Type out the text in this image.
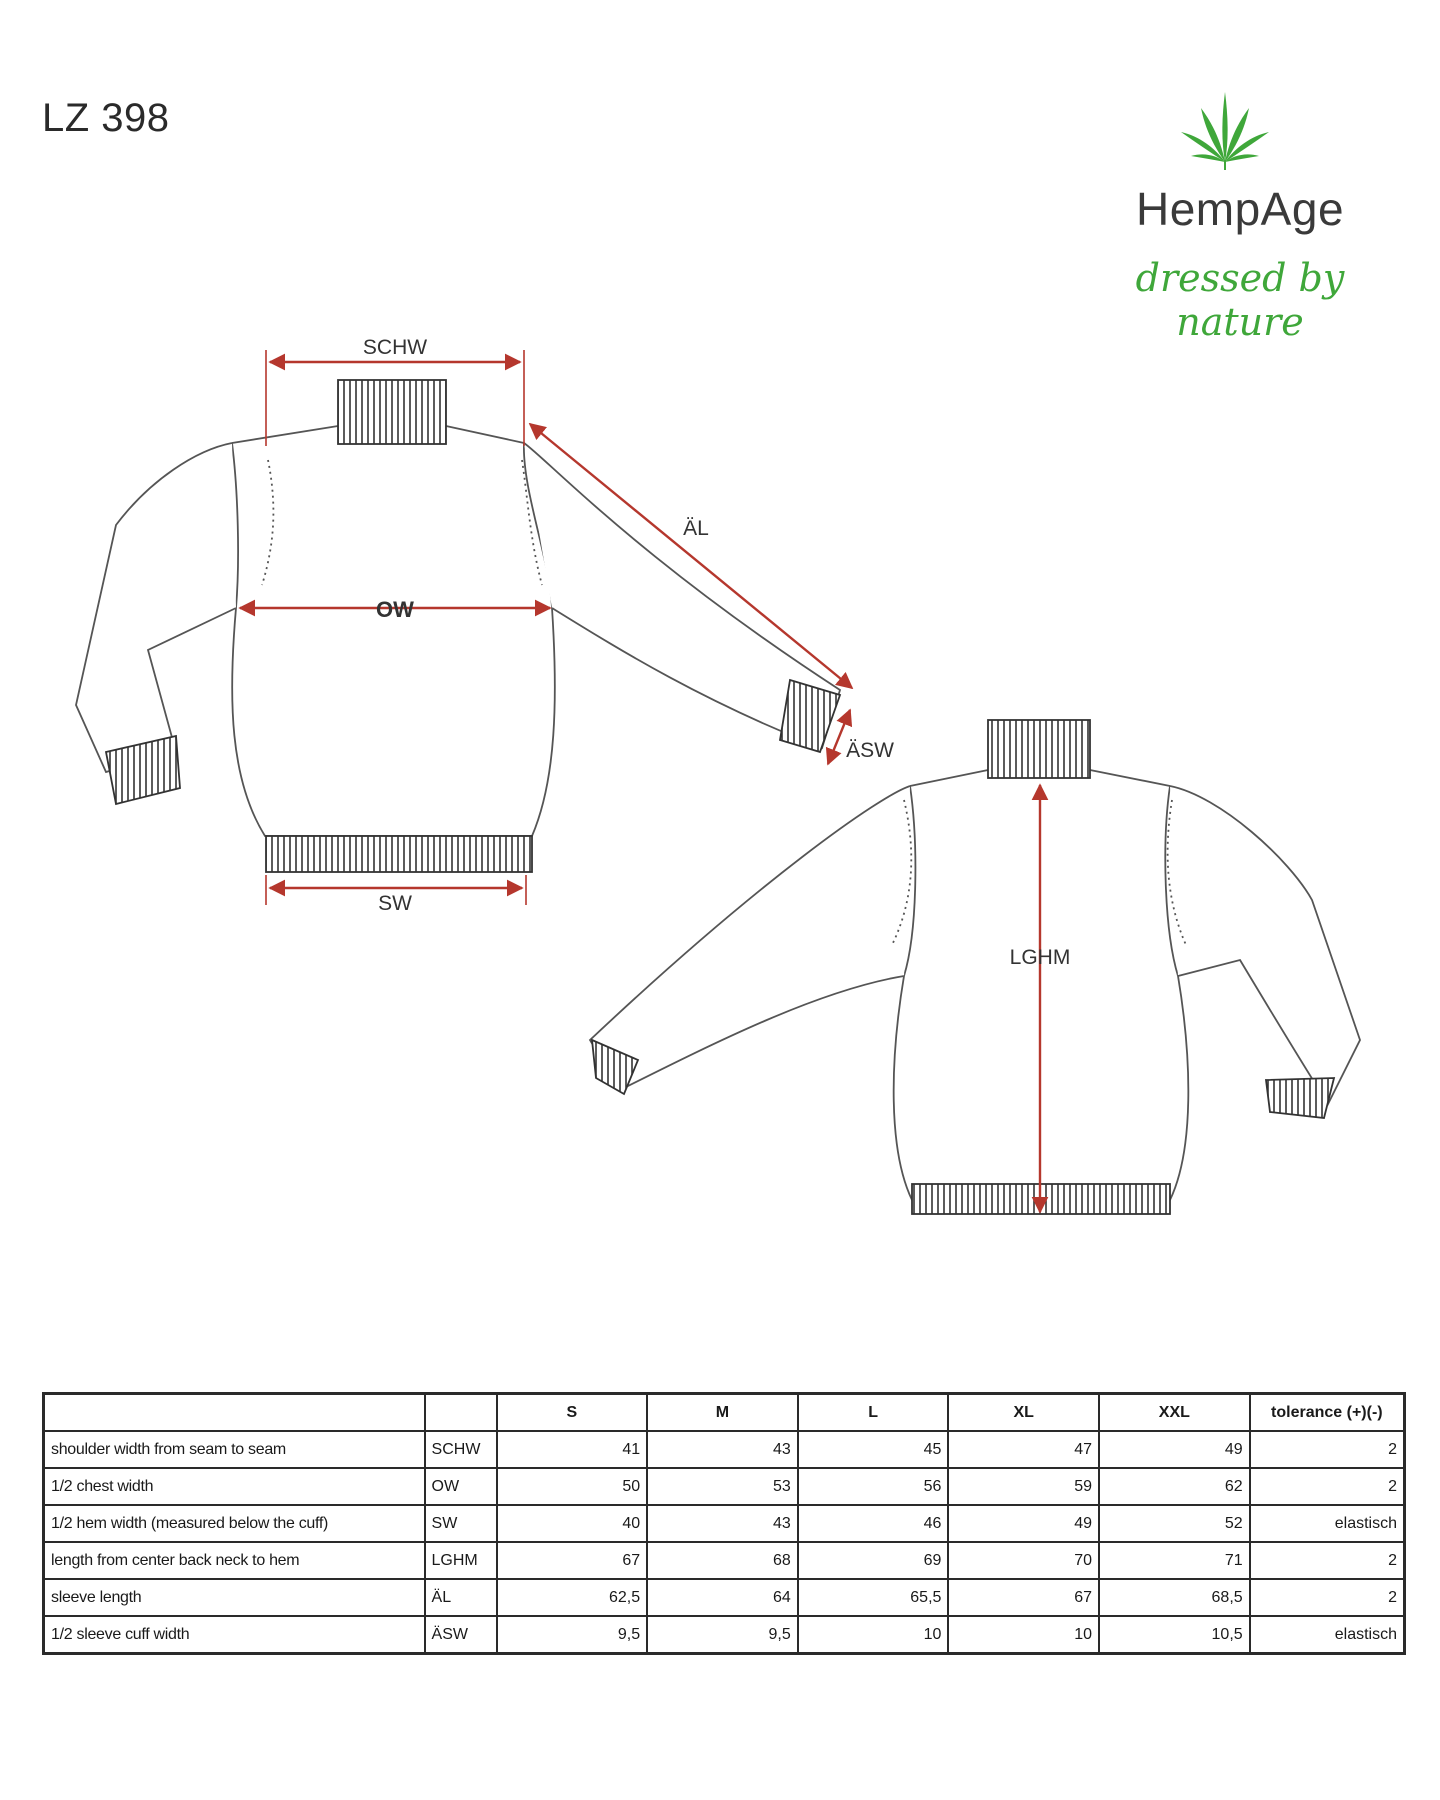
LZ 398
HempAge
dressed by nature
SCHW
ÄL
OW
ÄSW
SW
LGHM
		S	M	L	XL	XXL	tolerance (+)(-)
shoulder width from seam to seam	SCHW	41	43	45	47	49	2
1/2 chest width	OW	50	53	56	59	62	2
1/2 hem width (measured below the cuff)	SW	40	43	46	49	52	elastisch
length from center back neck to hem	LGHM	67	68	69	70	71	2
sleeve length	ÄL	62,5	64	65,5	67	68,5	2
1/2 sleeve cuff width	ÄSW	9,5	9,5	10	10	10,5	elastisch
